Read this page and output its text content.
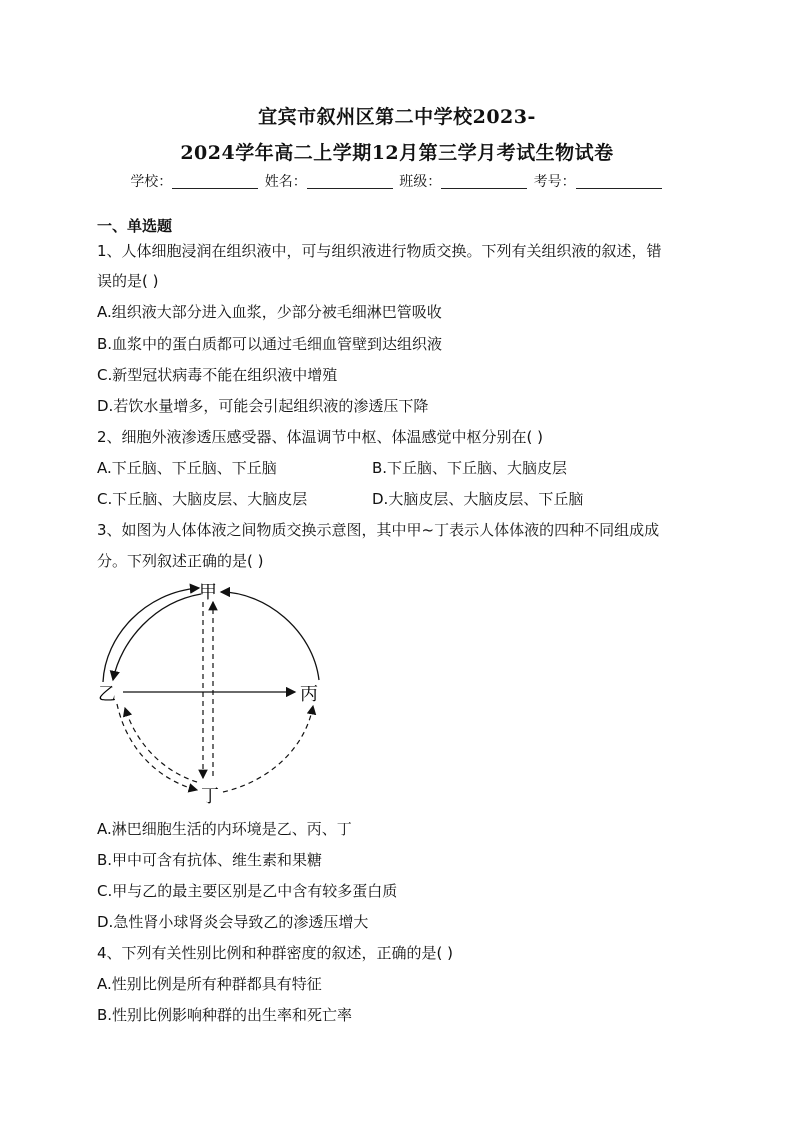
宜宾市叙州区第二中学校2023-
2024学年高二上学期12月第三学月考试生物试卷
学校：	姓名：	班级：	考号：
一、单选题
1、人体细胞浸润在组织液中，可与组织液进行物质交换。下列有关组织液的叙述，错
误的是( )
A.组织液大部分进入血浆，少部分被毛细淋巴管吸收
B.血浆中的蛋白质都可以通过毛细血管壁到达组织液
C.新型冠状病毒不能在组织液中增殖
D.若饮水量增多，可能会引起组织液的渗透压下降
2、细胞外液渗透压感受器、体温调节中枢、体温感觉中枢分别在( )
A.下丘脑、下丘脑、下丘脑	B.下丘脑、下丘脑、大脑皮层
C.下丘脑、大脑皮层、大脑皮层	D.大脑皮层、大脑皮层、下丘脑
3、如图为人体体液之间物质交换示意图，其中甲~丁表示人体体液的四种不同组成成
分。下列叙述正确的是( )
甲
乙	丙
丁
A.淋巴细胞生活的内环境是乙、丙、丁
B.甲中可含有抗体、维生素和果糖
C.甲与乙的最主要区别是乙中含有较多蛋白质
D.急性肾小球肾炎会导致乙的渗透压增大
4、下列有关性别比例和种群密度的叙述，正确的是( )
A.性别比例是所有种群都具有特征
B.性别比例影响种群的出生率和死亡率
